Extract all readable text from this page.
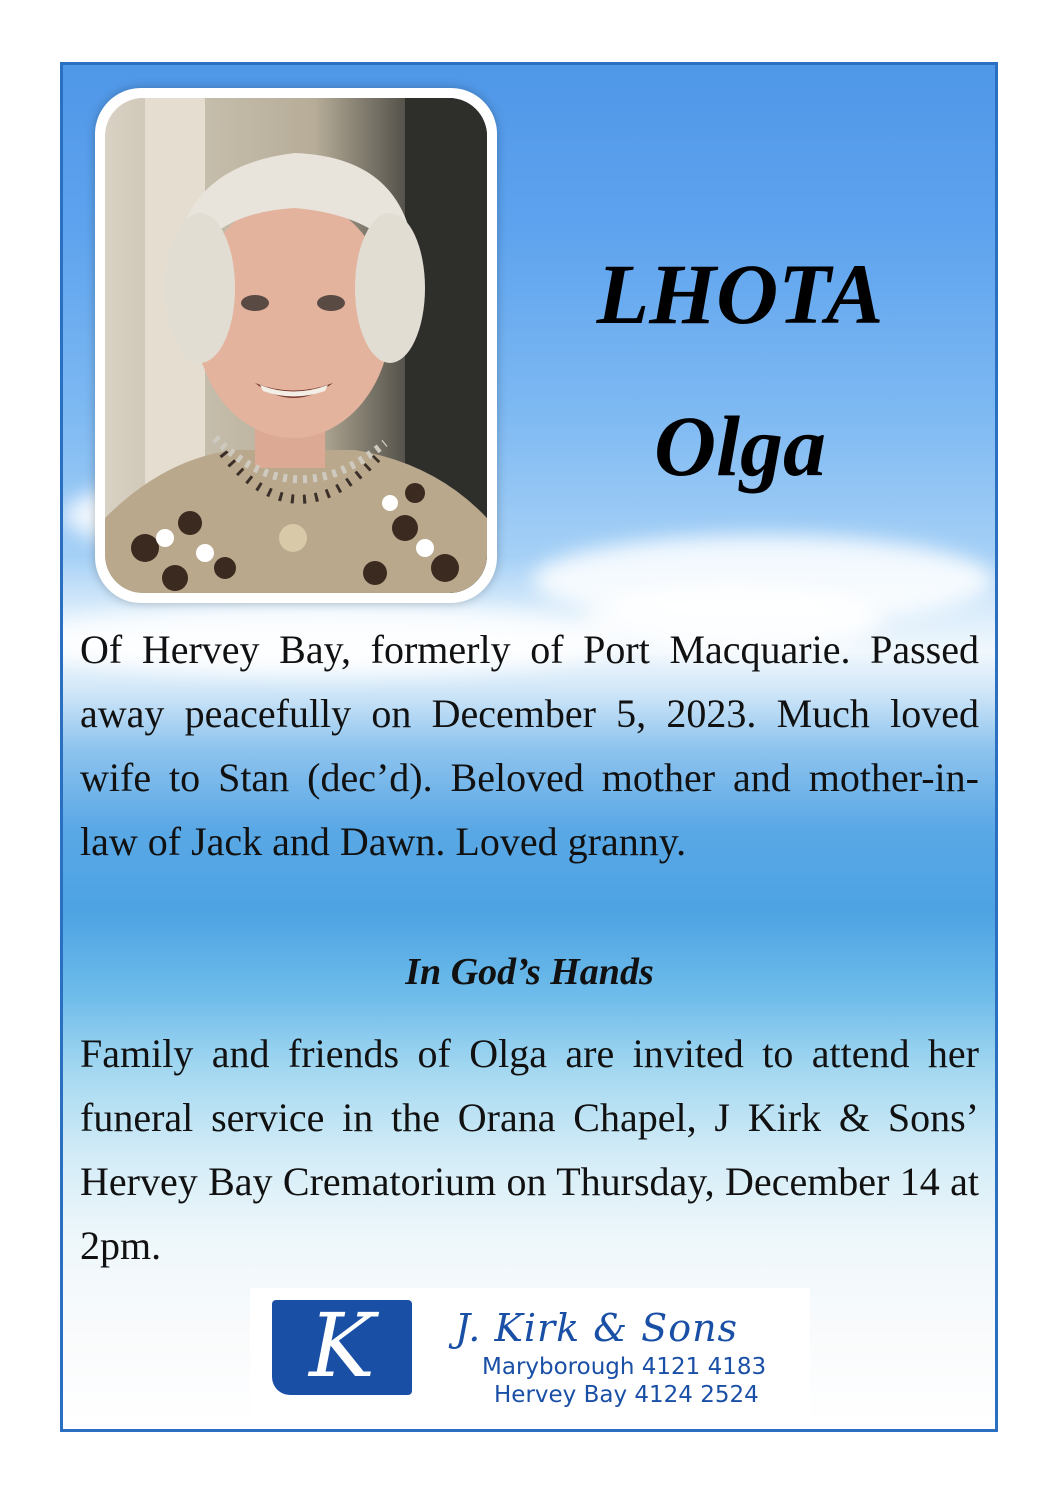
LHOTA
Olga
Of Hervey Bay, formerly of Port Macquarie. Passed away peacefully on December 5, 2023. Much loved wife to Stan (dec’d). Beloved mother and mother-in-law of Jack and Dawn. Loved granny.
In God’s Hands
Family and friends of Olga are invited to attend her funeral service in the Orana Chapel, J Kirk & Sons’ Hervey Bay Crematorium on Thursday, December 14 at 2pm.
K	J. Kirk & Sons
Maryborough 4121 4183
Hervey Bay 4124 2524
